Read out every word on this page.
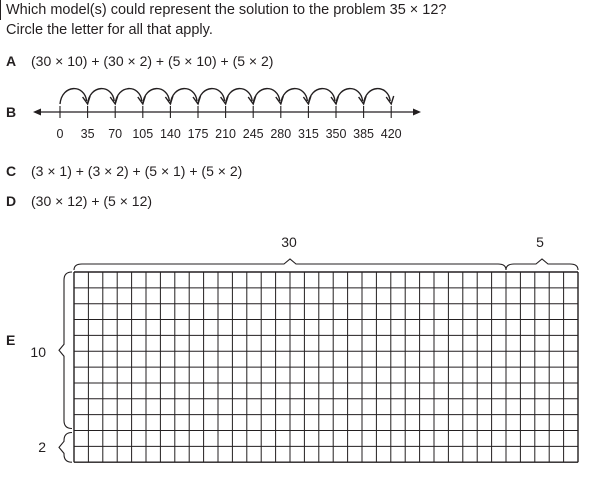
Which model(s) could represent the solution to the problem 35 × 12?
Circle the letter for all that apply.
A (30 × 10) + (30 × 2) + (5 × 10) + (5 × 2)
B
C (3 × 1) + (3 × 2) + (5 × 1) + (5 × 2)
D (30 × 12) + (5 × 12)
E
0 35 70 105 140 175 210 245 280 315 350 385 420
30	5
10
2
